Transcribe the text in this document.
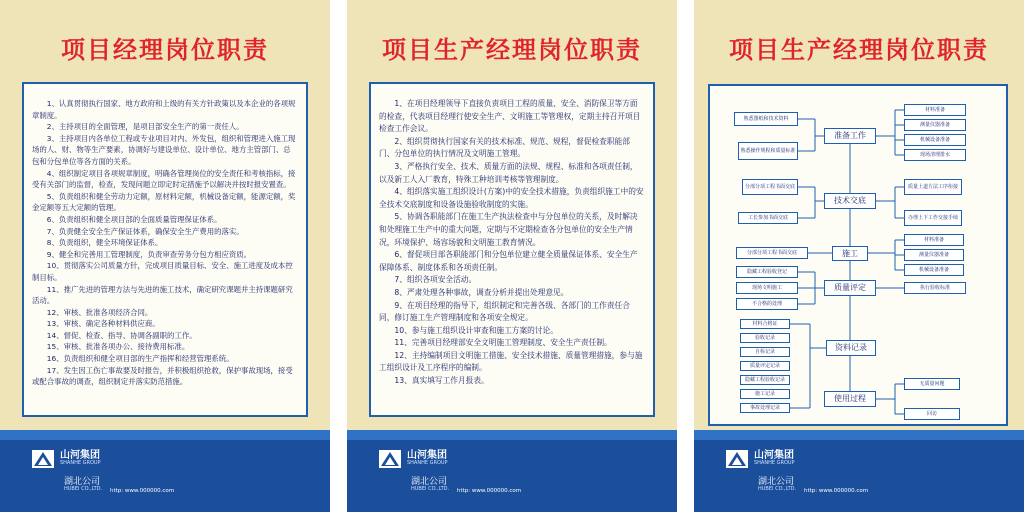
项目经理岗位职责

1、认真贯彻执行国家、地方政府和上级的有关方针政策以及本企业的各项规章制度。

2、主持项目的全面管理，是项目部安全生产的第一责任人。

3、主持项目内各单位工程或专业项目对内、外发包，组织和管理进入施工现场的人、财、物等生产要素，协调好与建设单位、设计单位、地方主管部门、总包和分包单位等各方面的关系。

4、组织制定项目各项规章制度，明确各管理岗位的安全责任和考核指标，接受有关部门的监督，检查，发现问题立即定时定措施予以解决并按时报安置查。

5、负责组织和健全劳动力定额，原材料定额，机械设备定额，能源定额，奖金定额等五大定额的管理。

6、负责组织和健全项目部的全面质量管理保证体系。

7、负责健全安全生产保证体系，确保安全生产费用的落实。

8、负责组织，健全环境保证体系。

9、健全和完善用工管理制度，负责审查劳务分包方相应资质。

10、贯彻落实公司质量方针，完成项目质量目标、安全、施工进度及成本控制目标。

11、推广先进的管理方法与先进的施工技术，确定研究课题并主持课题研究活动。

12、审核、批准各项经济合同。

13、审核、确定各种材料供应商。

14、督促、检查、指导、协调各副职的工作。

15、审核、批准各项办公、接待费用标准。

16、负责组织和健全项目部的生产指挥和经营管理系统。

17、发生因工伤亡事故要及时报告，并积极组织抢救，保护事故现场，接受或配合事故的调查，组织制定并落实防范措施。

山河集团
SHANHE GROUP
湖北公司
HUBEI CO.,LTD. http: www.000000.com
项目生产经理岗位职责

1、在项目经理领导下直接负责项目工程的质量、安全、消防保卫等方面的检查，代表项目经理行使安全生产、文明施工等管理权，定期主持召开项目检查工作会议。

2、组织贯彻执行国家有关的技术标准、规范、规程，督促检查职能部门、分包单位的执行情况及文明施工管理。

3、严格执行安全、技术、质量方面的法规、规程、标准和各项责任制，以及新工人入厂教育，特殊工种培训考核等管理制度。

4、组织落实施工组织设计(方案)中的安全技术措施，负责组织施工中的安全技术交底制度和设备设施验收制度的实施。

5、协调各职能部门在施工生产执法检查中与分包单位的关系，及时解决和处理施工生产中的重大问题，定期与不定期检查各分包单位的安全生产情况，环境保护、场容场貌和文明施工教育情况。

6、督促项目部各职能部门和分包单位建立健全质量保证体系、安全生产保障体系、制度体系和各项责任制。

7、组织各项安全活动。

8、严肃处理各种事故，调查分析并提出处理意见。

9、在项目经理的指导下，组织制定和完善各级、各部门的工作责任合同，修订施工生产管理制度和各项安全规定。

10、参与施工组织设计审查和施工方案的讨论。

11、完善项目经理部安全文明施工管理制度、安全生产责任制。

12、主持编制项目文明施工措施、安全技术措施、质量管理措施，参与施工组织设计及工序程序的编制。

13、真实填写工作月报表。

山河集团
SHANHE GROUP
湖北公司
HUBEI CO.,LTD. http: www.000000.com
项目生产经理岗位职责
准备工作
技术交底
施工
质量评定
资料记录
使用过程
熟悉图纸和技术资料
熟悉操作规程和质量标准
材料准备
测量仪器准备
机械设备准备
现场清理排水
分部分项工程书面交底
工长参加书面交底
质量上道方法工序衔接
办理上下工作交接手续
分部分项工程书面交底
材料准备
测量仪器准备
机械设备准备
隐藏工程验收登记
现场文明施工
不合格的处理
执行验收标准
材料合格证
验收记录
自检记录
质量评定记录
隐藏工程验收记录
施工记录
事故处理记录
无质量问题
回访
山河集团
SHANHE GROUP
湖北公司
HUBEI CO.,LTD. http: www.000000.com
